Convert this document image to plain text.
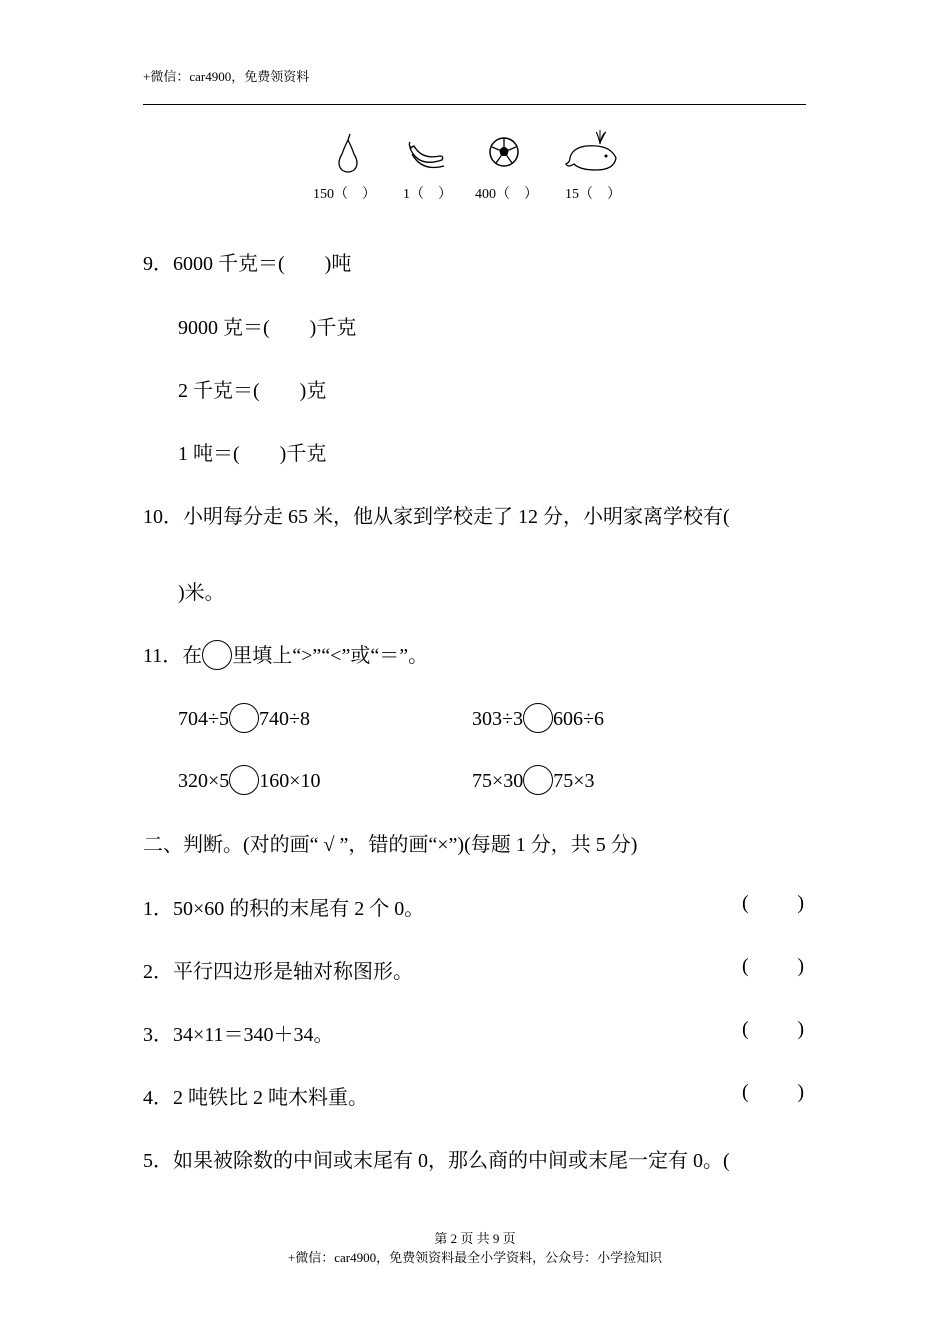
+微信：car4900，免费领资料
150（　） 1（　） 400（　） 15（　）
9．6000 千克＝(　　)吨
9000 克＝(　　)千克
2 千克＝(　　)克
1 吨＝(　　)千克
10．小明每分走 65 米，他从家到学校走了 12 分，小明家离学校有(
)米。
11．在 里填上“>”“<”或“＝”。
704÷5 740÷8	303÷3 606÷6
320×5 160×10	75×30 75×3
二、判断。(对的画“ √ ”，错的画“×”)(每题 1 分，共 5 分)
1．50×60 的积的末尾有 2 个 0。	( )
2．平行四边形是轴对称图形。	( )
3．34×11＝340＋34。	( )
4．2 吨铁比 2 吨木料重。	( )
5．如果被除数的中间或末尾有 0，那么商的中间或末尾一定有 0。(
第 2 页 共 9 页
+微信：car4900，免费领资料最全小学资料，公众号：小学捡知识
